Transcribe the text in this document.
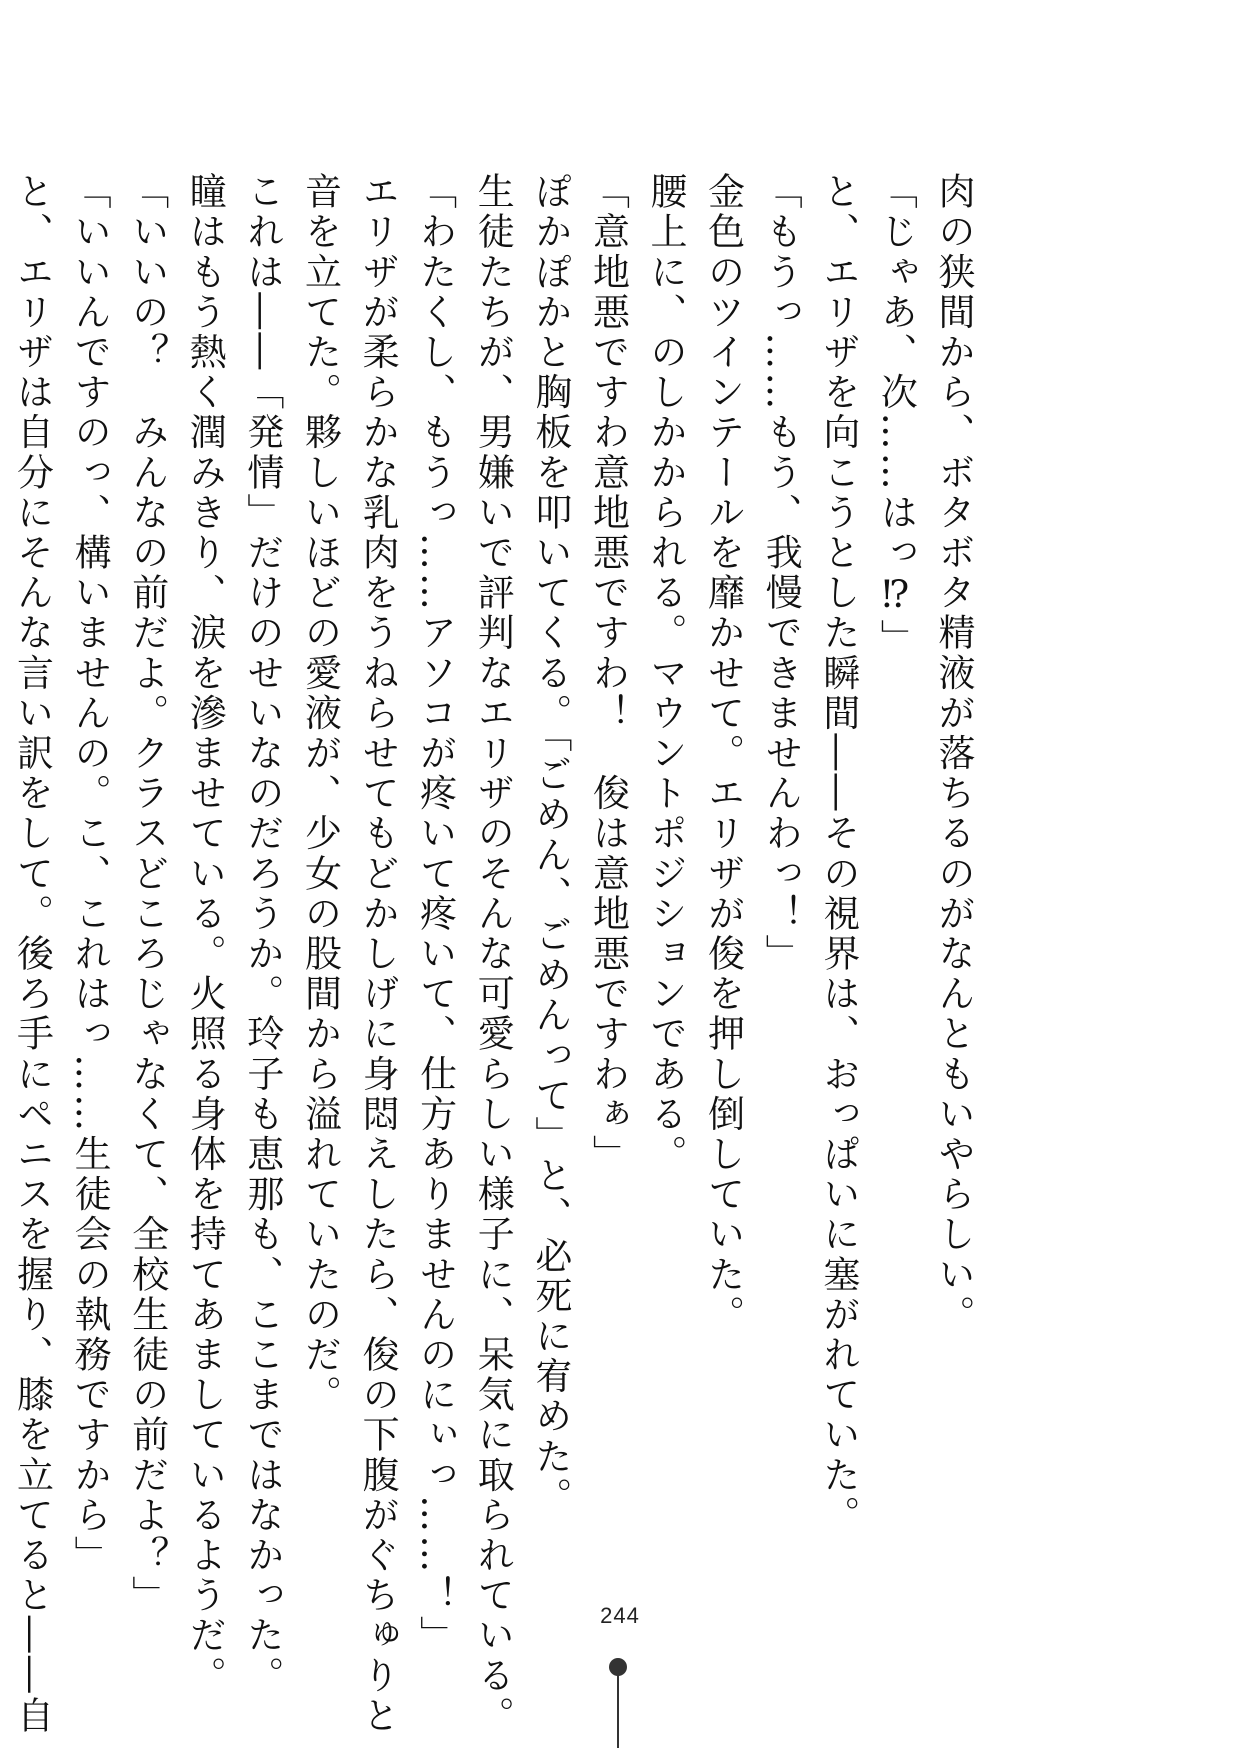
肉の狭間から、ボタボタ精液が落ちるのがなんともいやらしい。

「じゃあ、次……はっ⁉」

と、エリザを向こうとした瞬間――その視界は、おっぱいに塞がれていた。

「もうっ……もう、我慢できませんわっ！」

金色のツインテールを靡かせて。エリザが俊を押し倒していた。

腰上に、のしかかられる。マウントポジションである。

「意地悪ですわ意地悪ですわ！　俊は意地悪ですわぁ」

ぽかぽかと胸板を叩いてくる。「ごめん、ごめんって」と、必死に宥めた。

生徒たちが、男嫌いで評判なエリザのそんな可愛らしい様子に、呆気に取られている。

「わたくし、もうっ……アソコが疼いて疼いて、仕方ありませんのにぃっ……！」

エリザが柔らかな乳肉をうねらせてもどかしげに身悶えしたら、俊の下腹がぐちゅりと

音を立てた。夥しいほどの愛液が、少女の股間から溢れていたのだ。

これは――「発情」だけのせいなのだろうか。玲子も恵那も、ここまではなかった。

瞳はもう熱く潤みきり、涙を滲ませている。火照る身体を持てあましているようだ。

「いいの？　みんなの前だよ。クラスどころじゃなくて、全校生徒の前だよ？」

「いいんですのっ、構いませんの。こ、これはっ……生徒会の執務ですから」

と、エリザは自分にそんな言い訳をして。後ろ手にペニスを握り、膝を立てると――自	244
